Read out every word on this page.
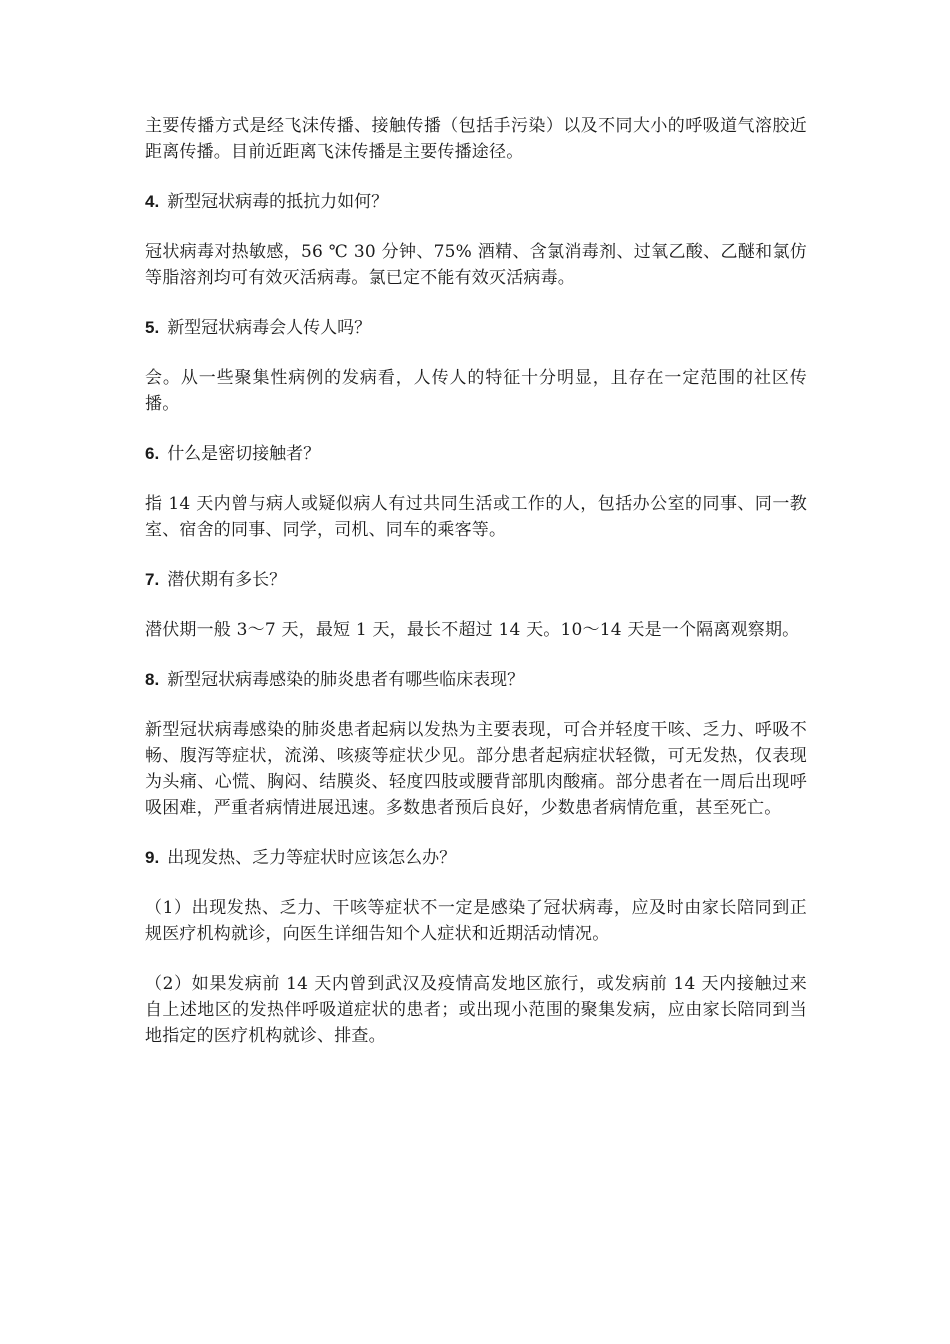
主要传播方式是经飞沫传播、接触传播（包括手污染）以及不同大小的呼吸道气溶胶近距离传播。目前近距离飞沫传播是主要传播途径。

4. 新型冠状病毒的抵抗力如何？

冠状病毒对热敏感，56 ℃ 30 分钟、75% 酒精、含氯消毒剂、过氧乙酸、乙醚和氯仿等脂溶剂均可有效灭活病毒。氯已定不能有效灭活病毒。

5. 新型冠状病毒会人传人吗？

会。从一些聚集性病例的发病看，人传人的特征十分明显，且存在一定范围的社区传播。

6. 什么是密切接触者？

指 14 天内曾与病人或疑似病人有过共同生活或工作的人，包括办公室的同事、同一教室、宿舍的同事、同学，司机、同车的乘客等。

7. 潜伏期有多长？

潜伏期一般 3～7 天，最短 1 天，最长不超过 14 天。10～14 天是一个隔离观察期。

8. 新型冠状病毒感染的肺炎患者有哪些临床表现？

新型冠状病毒感染的肺炎患者起病以发热为主要表现，可合并轻度干咳、乏力、呼吸不畅、腹泻等症状，流涕、咳痰等症状少见。部分患者起病症状轻微，可无发热，仅表现为头痛、心慌、胸闷、结膜炎、轻度四肢或腰背部肌肉酸痛。部分患者在一周后出现呼吸困难，严重者病情进展迅速。多数患者预后良好，少数患者病情危重，甚至死亡。

9. 出现发热、乏力等症状时应该怎么办？

（1）出现发热、乏力、干咳等症状不一定是感染了冠状病毒，应及时由家长陪同到正规医疗机构就诊，向医生详细告知个人症状和近期活动情况。

（2）如果发病前 14 天内曾到武汉及疫情高发地区旅行，或发病前 14 天内接触过来自上述地区的发热伴呼吸道症状的患者；或出现小范围的聚集发病，应由家长陪同到当地指定的医疗机构就诊、排查。
